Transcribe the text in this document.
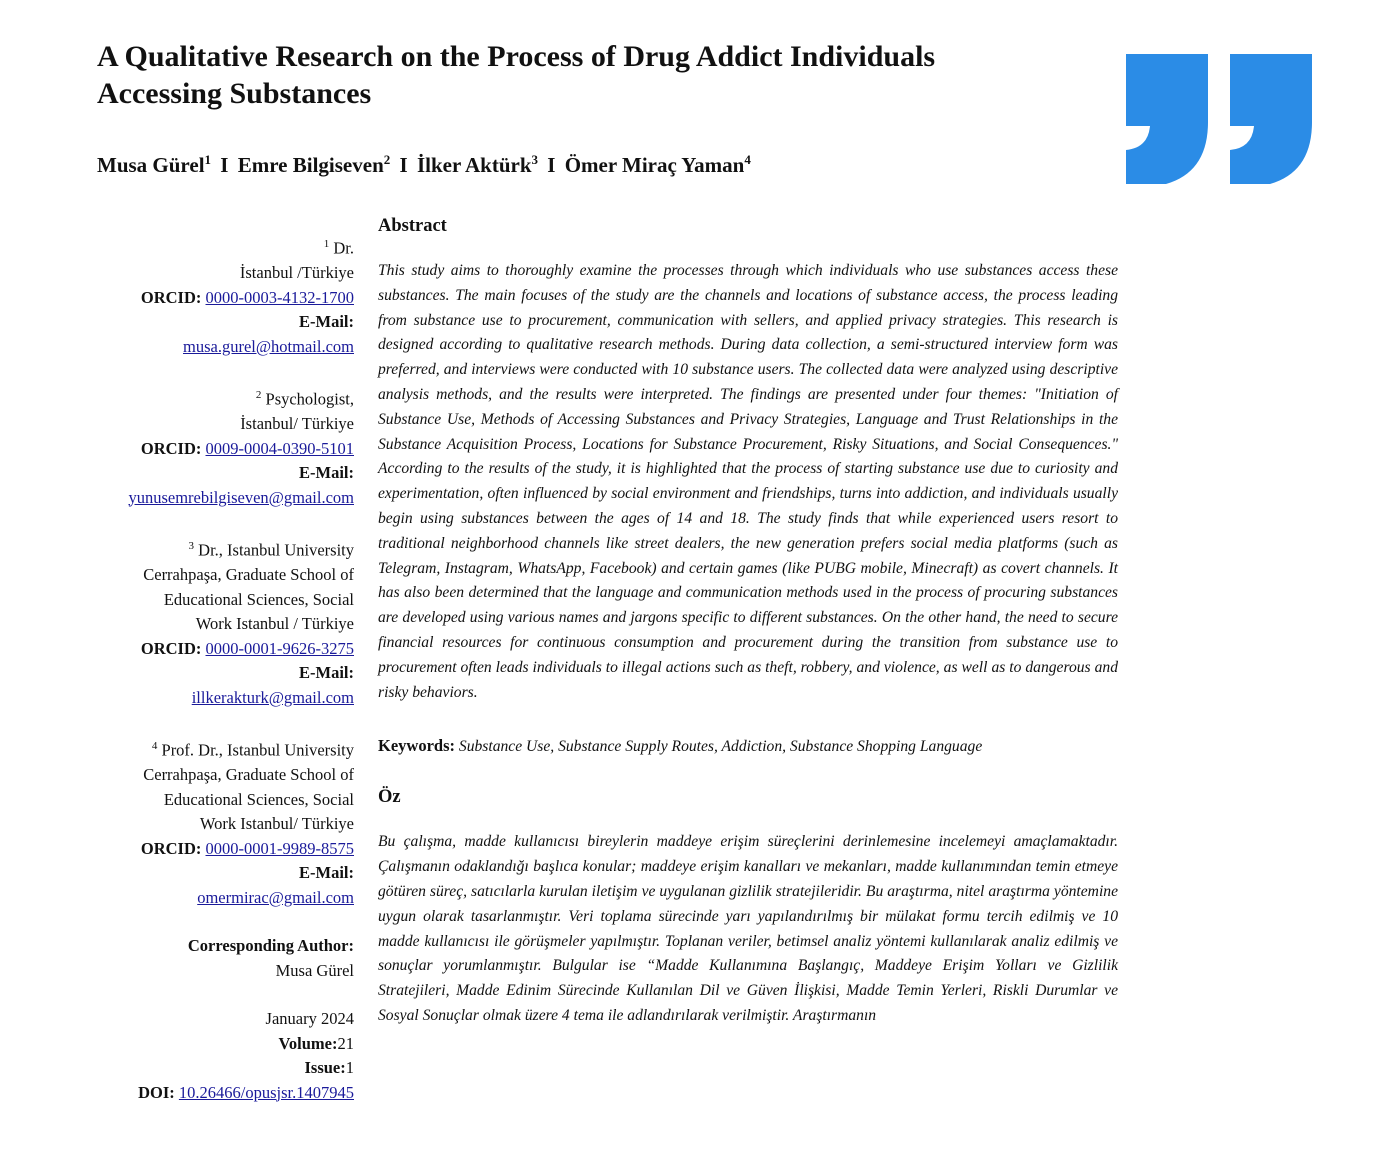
A Qualitative Research on the Process of Drug Addict Individuals
Accessing Substances
Musa Gürel$^1$ I Emre Bilgiseven$^2$ I İlker Aktürk$^3$ I Ömer Miraç Yaman$^4$
$^1$ Dr.
İstanbul /Türkiye
ORCID: 0000-0003-4132-1700
E-Mail:
musa.gurel@hotmail.com
$^2$ Psychologist,
İstanbul/ Türkiye
ORCID: 0009-0004-0390-5101
E-Mail:
yunusemrebilgiseven@gmail.com
$^3$ Dr., Istanbul University
Cerrahpaşa, Graduate School of
Educational Sciences, Social
Work Istanbul / Türkiye
ORCID: 0000-0001-9626-3275
E-Mail:
illkerakturk@gmail.com
$^4$ Prof. Dr., Istanbul University
Cerrahpaşa, Graduate School of
Educational Sciences, Social
Work Istanbul/ Türkiye
ORCID: 0000-0001-9989-8575
E-Mail:
omermirac@gmail.com
Corresponding Author:
Musa Gürel
January 2024
Volume:21
Issue:1
DOI: 10.26466/opusjsr.1407945
Abstract

This study aims to thoroughly examine the processes through which individuals who use substances access these substances. The main focuses of the study are the channels and locations of substance access, the process leading from substance use to procurement, communication with sellers, and applied privacy strategies. This research is designed according to qualitative research methods. During data collection, a semi-structured interview form was preferred, and interviews were conducted with 10 substance users. The collected data were analyzed using descriptive analysis methods, and the results were interpreted. The findings are presented under four themes: "Initiation of Substance Use, Methods of Accessing Substances and Privacy Strategies, Language and Trust Relationships in the Substance Acquisition Process, Locations for Substance Procurement, Risky Situations, and Social Consequences." According to the results of the study, it is highlighted that the process of starting substance use due to curiosity and experimentation, often influenced by social environment and friendships, turns into addiction, and individuals usually begin using substances between the ages of 14 and 18. The study finds that while experienced users resort to traditional neighborhood channels like street dealers, the new generation prefers social media platforms (such as Telegram, Instagram, WhatsApp, Facebook) and certain games (like PUBG mobile, Minecraft) as covert channels. It has also been determined that the language and communication methods used in the process of procuring substances are developed using various names and jargons specific to different substances. On the other hand, the need to secure financial resources for continuous consumption and procurement during the transition from substance use to procurement often leads individuals to illegal actions such as theft, robbery, and violence, as well as to dangerous and risky behaviors.

Keywords: Substance Use, Substance Supply Routes, Addiction, Substance Shopping Language
Öz

Bu çalışma, madde kullanıcısı bireylerin maddeye erişim süreçlerini derinlemesine incelemeyi amaçlamaktadır. Çalışmanın odaklandığı başlıca konular; maddeye erişim kanalları ve mekanları, madde kullanımından temin etmeye götüren süreç, satıcılarla kurulan iletişim ve uygulanan gizlilik stratejileridir. Bu araştırma, nitel araştırma yöntemine uygun olarak tasarlanmıştır. Veri toplama sürecinde yarı yapılandırılmış bir mülakat formu tercih edilmiş ve 10 madde kullanıcısı ile görüşmeler yapılmıştır. Toplanan veriler, betimsel analiz yöntemi kullanılarak analiz edilmiş ve sonuçlar yorumlanmıştır. Bulgular ise “Madde Kullanımına Başlangıç, Maddeye Erişim Yolları ve Gizlilik Stratejileri, Madde Edinim Sürecinde Kullanılan Dil ve Güven İlişkisi, Madde Temin Yerleri, Riskli Durumlar ve Sosyal Sonuçlar olmak üzere 4 tema ile adlandırılarak verilmiştir. Araştırmanın
